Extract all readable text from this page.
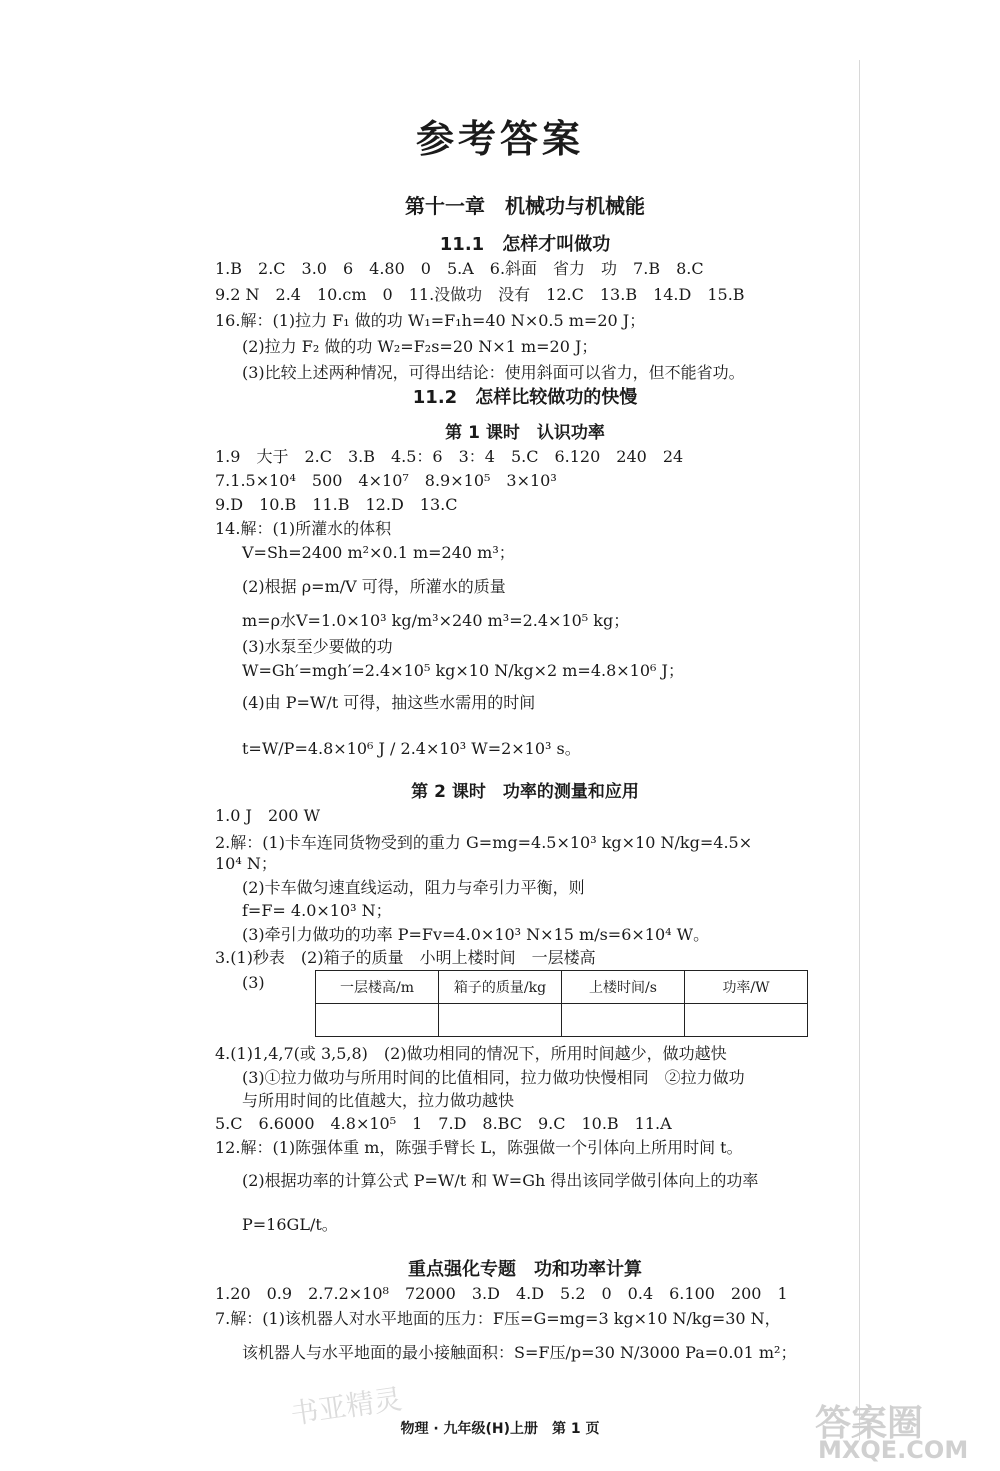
参考答案
第十一章　机械功与机械能
11.1　怎样才叫做功
1.B　2.C　3.0　6　4.80　0　5.A　6.斜面　省力　功　7.B　8.C
9.2 N　2.4　10.cm　0　11.没做功　没有　12.C　13.B　14.D　15.B
16.解：(1)拉力 F₁ 做的功 W₁=F₁h=40 N×0.5 m=20 J；
(2)拉力 F₂ 做的功 W₂=F₂s=20 N×1 m=20 J；
(3)比较上述两种情况，可得出结论：使用斜面可以省力，但不能省功。
11.2　怎样比较做功的快慢
第 1 课时　认识功率
1.9　大于　2.C　3.B　4.5：6　3：4　5.C　6.120　240　24
7.1.5×10⁴　500　4×10⁷　8.9×10⁵　3×10³
9.D　10.B　11.B　12.D　13.C
14.解：(1)所灌水的体积
V=Sh=2400 m²×0.1 m=240 m³；
(2)根据 ρ=m/V 可得，所灌水的质量
m=ρ水V=1.0×10³ kg/m³×240 m³=2.4×10⁵ kg；
(3)水泵至少要做的功
W=Gh′=mgh′=2.4×10⁵ kg×10 N/kg×2 m=4.8×10⁶ J；
(4)由 P=W/t 可得，抽这些水需用的时间
t=W/P=4.8×10⁶ J / 2.4×10³ W=2×10³ s。
第 2 课时　功率的测量和应用
1.0 J　200 W
2.解：(1)卡车连同货物受到的重力 G=mg=4.5×10³ kg×10 N/kg=4.5×
10⁴ N；
(2)卡车做匀速直线运动，阻力与牵引力平衡，则
f=F= 4.0×10³ N；
(3)牵引力做功的功率 P=Fv=4.0×10³ N×15 m/s=6×10⁴ W。
3.(1)秒表　(2)箱子的质量　小明上楼时间　一层楼高
(3)	一层楼高/m	箱子的质量/kg	上楼时间/s	功率/W

4.(1)1,4,7(或 3,5,8)　(2)做功相同的情况下，所用时间越少，做功越快
(3)①拉力做功与所用时间的比值相同，拉力做功快慢相同　②拉力做功
与所用时间的比值越大，拉力做功越快
5.C　6.6000　4.8×10⁵　1　7.D　8.BC　9.C　10.B　11.A
12.解：(1)陈强体重 m，陈强手臂长 L，陈强做一个引体向上所用时间 t。
(2)根据功率的计算公式 P=W/t 和 W=Gh 得出该同学做引体向上的功率
P=16GL/t。
重点强化专题　功和功率计算
1.20　0.9　2.7.2×10⁸　72000　3.D　4.D　5.2　0　0.4　6.100　200　1
7.解：(1)该机器人对水平地面的压力：F压=G=mg=3 kg×10 N/kg=30 N，
该机器人与水平地面的最小接触面积：S=F压/p=30 N/3000 Pa=0.01 m²；
书亚精灵
物理 · 九年级(H)上册　第 1 页	答案圈
MXQE.COM
